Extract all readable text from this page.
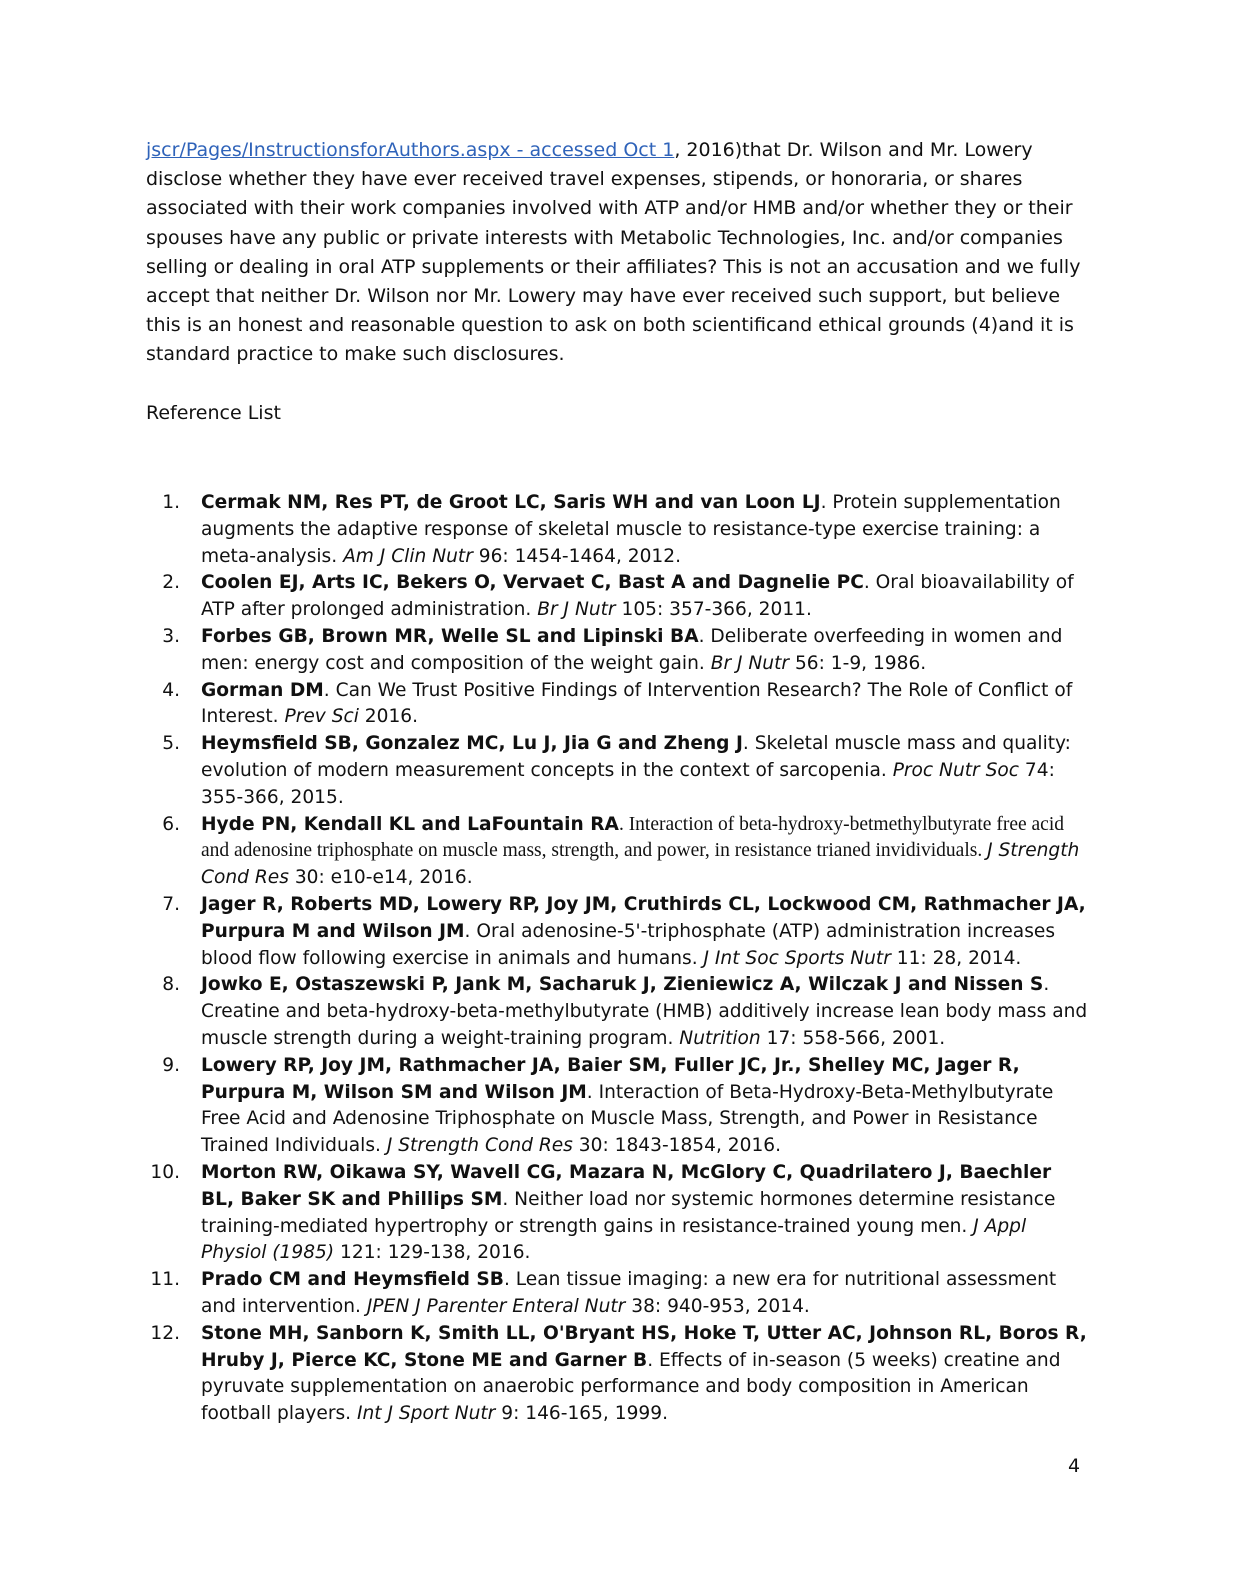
jscr/Pages/InstructionsforAuthors.aspx - accessed Oct 1, 2016)that Dr. Wilson and Mr. Lowery disclose whether they have ever received travel expenses, stipends, or honoraria, or shares associated with their work companies involved with ATP and/or HMB and/or whether they or their spouses have any public or private interests with Metabolic Technologies, Inc. and/or companies selling or dealing in oral ATP supplements or their affiliates? This is not an accusation and we fully accept that neither Dr. Wilson nor Mr. Lowery may have ever received such support, but believe this is an honest and reasonable question to ask on both scientificand ethical grounds (4)and it is standard practice to make such disclosures.

Reference List
1. Cermak NM, Res PT, de Groot LC, Saris WH and van Loon LJ. Protein supplementation augments the adaptive response of skeletal muscle to resistance-type exercise training: a meta-analysis. Am J Clin Nutr 96: 1454-1464, 2012.
2. Coolen EJ, Arts IC, Bekers O, Vervaet C, Bast A and Dagnelie PC. Oral bioavailability of ATP after prolonged administration. Br J Nutr 105: 357-366, 2011.
3. Forbes GB, Brown MR, Welle SL and Lipinski BA. Deliberate overfeeding in women and men: energy cost and composition of the weight gain. Br J Nutr 56: 1-9, 1986.
4. Gorman DM. Can We Trust Positive Findings of Intervention Research? The Role of Conflict of Interest. Prev Sci 2016.
5. Heymsfield SB, Gonzalez MC, Lu J, Jia G and Zheng J. Skeletal muscle mass and quality: evolution of modern measurement concepts in the context of sarcopenia. Proc Nutr Soc 74: 355-366, 2015.
6. Hyde PN, Kendall KL and LaFountain RA. Interaction of beta-hydroxy-betmethylbutyrate free acid and adenosine triphosphate on muscle mass, strength, and power, in resistance trianed invidividuals. J Strength Cond Res 30: e10-e14, 2016.
7. Jager R, Roberts MD, Lowery RP, Joy JM, Cruthirds CL, Lockwood CM, Rathmacher JA, Purpura M and Wilson JM. Oral adenosine-5'-triphosphate (ATP) administration increases blood flow following exercise in animals and humans. J Int Soc Sports Nutr 11: 28, 2014.
8. Jowko E, Ostaszewski P, Jank M, Sacharuk J, Zieniewicz A, Wilczak J and Nissen S. Creatine and beta-hydroxy-beta-methylbutyrate (HMB) additively increase lean body mass and muscle strength during a weight-training program. Nutrition 17: 558-566, 2001.
9. Lowery RP, Joy JM, Rathmacher JA, Baier SM, Fuller JC, Jr., Shelley MC, Jager R, Purpura M, Wilson SM and Wilson JM. Interaction of Beta-Hydroxy-Beta-Methylbutyrate Free Acid and Adenosine Triphosphate on Muscle Mass, Strength, and Power in Resistance Trained Individuals. J Strength Cond Res 30: 1843-1854, 2016.
10. Morton RW, Oikawa SY, Wavell CG, Mazara N, McGlory C, Quadrilatero J, Baechler BL, Baker SK and Phillips SM. Neither load nor systemic hormones determine resistance training-mediated hypertrophy or strength gains in resistance-trained young men. J Appl Physiol (1985) 121: 129-138, 2016.
11. Prado CM and Heymsfield SB. Lean tissue imaging: a new era for nutritional assessment and intervention. JPEN J Parenter Enteral Nutr 38: 940-953, 2014.
12. Stone MH, Sanborn K, Smith LL, O'Bryant HS, Hoke T, Utter AC, Johnson RL, Boros R, Hruby J, Pierce KC, Stone ME and Garner B. Effects of in-season (5 weeks) creatine and pyruvate supplementation on anaerobic performance and body composition in American football players. Int J Sport Nutr 9: 146-165, 1999.
4
